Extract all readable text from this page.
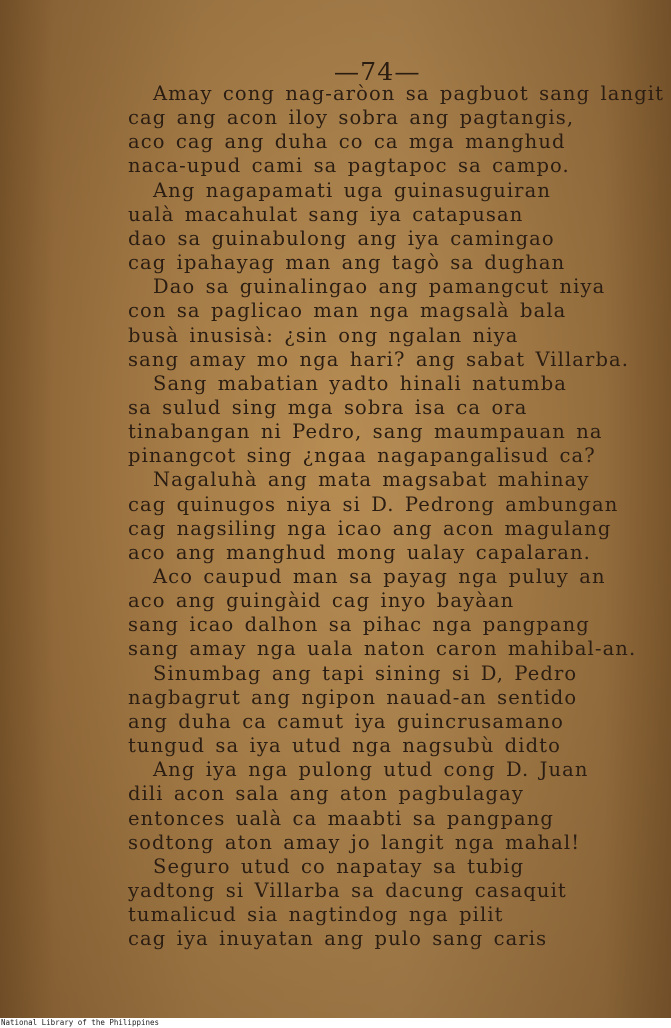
—74—
Amay cong nag-aròon sa pagbuot sang langit
cag ang acon iloy sobra ang pagtangis,
aco cag ang duha co ca mga manghud
naca-upud cami sa pagtapoc sa campo.
Ang nagapamati uga guinasuguiran
ualà macahulat sang iya catapusan
dao sa guinabulong ang iya camingao
cag ipahayag man ang tagò sa dughan
Dao sa guinalingao ang pamangcut niya
con sa paglicao man nga magsalà bala
busà inusisà: ¿sin ong ngalan niya
sang amay mo nga hari? ang sabat Villarba.
Sang mabatian yadto hinali natumba
sa sulud sing mga sobra isa ca ora
tinabangan ni Pedro, sang maumpauan na
pinangcot sing ¿ngaa nagapangalisud ca?
Nagaluhà ang mata magsabat mahinay
cag quinugos niya si D. Pedrong ambungan
cag nagsiling nga icao ang acon magulang
aco ang manghud mong ualay capalaran.
Aco caupud man sa payag nga puluy an
aco ang guingàid cag inyo bayàan
sang icao dalhon sa pihac nga pangpang
sang amay nga uala naton caron mahibal-an.
Sinumbag ang tapi sining si D, Pedro
nagbagrut ang ngipon nauad-an sentido
ang duha ca camut iya guincrusamano
tungud sa iya utud nga nagsubù didto
Ang iya nga pulong utud cong D. Juan
dili acon sala ang aton pagbulagay
entonces ualà ca maabti sa pangpang
sodtong aton amay jo langit nga mahal!
Seguro utud co napatay sa tubig
yadtong si Villarba sa dacung casaquit
tumalicud sia nagtindog nga pilit
cag iya inuyatan ang pulo sang caris
National Library of the Philippines
